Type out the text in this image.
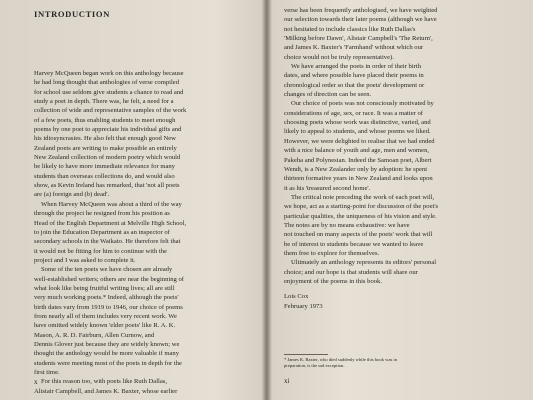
INTRODUCTION
Harvey McQueen began work on this anthology because
he had long thought that anthologies of verse compiled
for school use seldom give students a chance to read and
study a poet in depth. There was, he felt, a need for a
collection of wide and representative samples of the work
of a few poets, thus enabling students to meet enough
poems by one poet to appreciate his individual gifts and
his idiosyncrasies. He also felt that enough good New
Zealand poets are writing to make possible an entirely
New Zealand collection of modern poetry which would
be likely to have more immediate relevance for many
students than overseas collections do, and would also
show, as Kevin Ireland has remarked, that 'not all poets
are (a) foreign and (b) dead'.
When Harvey McQueen was about a third of the way
through the project he resigned from his position as
Head of the English Department at Melville High School,
to join the Education Department as an inspector of
secondary schools in the Waikato. He therefore felt that
it would not be fitting for him to continue with the
project and I was asked to complete it.
Some of the ten poets we have chosen are already
well-established writers; others are near the beginning of
what look like being fruitful writing lives; all are still
very much working poets.* Indeed, although the poets'
birth dates vary from 1919 to 1946, our choice of poems
from nearly all of them includes very recent work. We
have omitted widely known 'elder poets' like R. A. K.
Mason, A. R. D. Fairburn, Allen Curnow, and
Dennis Glover just because they are widely known; we
thought the anthology would be more valuable if many
students were meeting most of the poets in depth for the
first time.
For this reason too, with poets like Ruth Dallas,
Alistair Campbell, and James K. Baxter, whose earlier
x
verse has been frequently anthologised, we have weighted
our selection towards their later poems (although we have
not hesitated to include classics like Ruth Dallas's
'Milking before Dawn', Alistair Campbell's 'The Return',
and James K. Baxter's 'Farmhand' without which our
choice would not be truly representative).
We have arranged the poets in order of their birth
dates, and where possible have placed their poems in
chronological order so that the poets' development or
changes of direction can be seen.
Our choice of poets was not consciously motivated by
considerations of age, sex, or race. It was a matter of
choosing poets whose work was distinctive, varied, and
likely to appeal to students, and whose poems we liked.
However, we were delighted to realise that we had ended
with a nice balance of youth and age, men and women,
Pakeha and Polynesian. Indeed the Samoan poet, Albert
Wendt, is a New Zealander only by adoption: he spent
thirteen formative years in New Zealand and looks upon
it as his 'treasured second home'.
The critical note preceding the work of each poet will,
we hope, act as a starting-point for discussion of the poet's
particular qualities, the uniqueness of his vision and style.
The notes are by no means exhaustive: we have
not touched on many aspects of the poets' work that will
be of interest to students because we wanted to leave
them free to explore for themselves.
Ultimately an anthology represents its editors' personal
choice; and our hope is that students will share our
enjoyment of the poems in this book.
Lois Cox
February 1973
* James K. Baxter, who died suddenly while this book was in
preparation, is the sad exception.
xi
